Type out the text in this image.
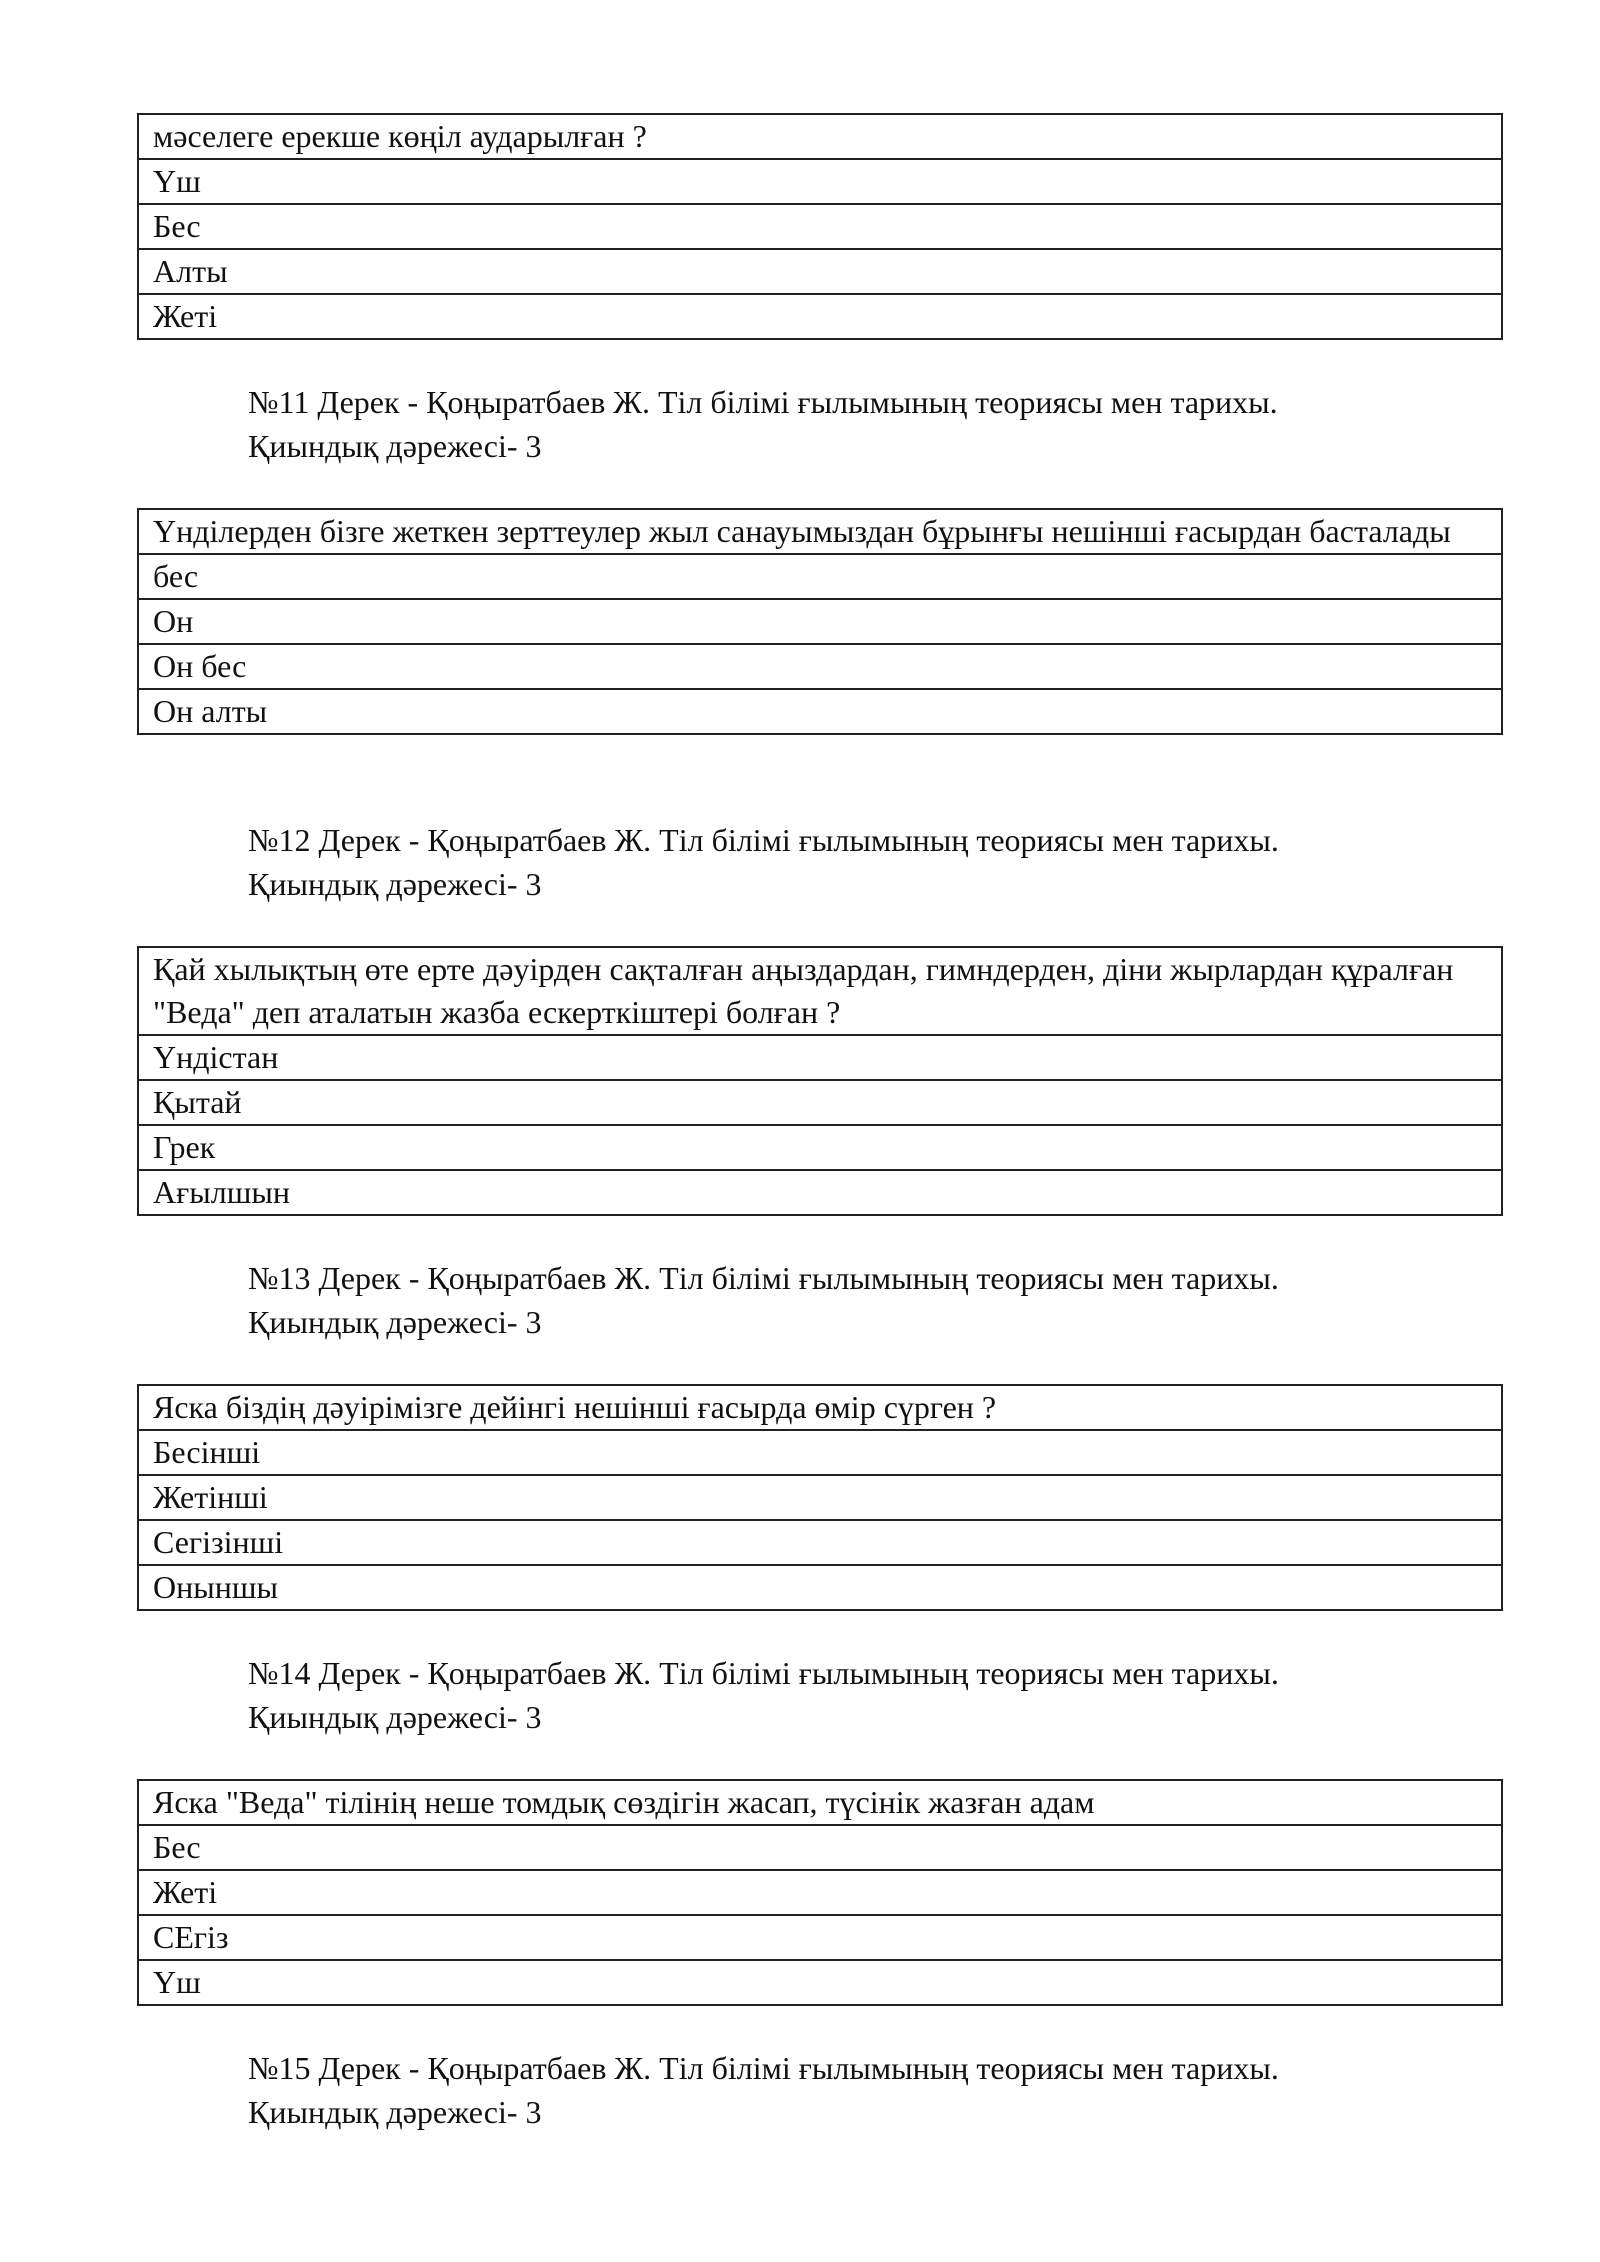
мәселеге ерекше көңіл аударылған ?
Үш
Бес
Алты
Жеті
№11 Дерек - Қоңыратбаев Ж. Тіл білімі ғылымының теориясы мен тарихы.
Қиындық дәрежесі- 3
Үнділерден бізге жеткен зерттеулер жыл санауымыздан бұрынғы нешінші ғасырдан басталады
бес
Он
Он бес
Он алты
№12 Дерек - Қоңыратбаев Ж. Тіл білімі ғылымының теориясы мен тарихы.
Қиындық дәрежесі- 3
Қай хылықтың өте ерте дәуірден сақталған аңыздардан, гимндерден, діни жырлардан құралған "Веда" деп аталатын жазба ескерткіштері болған ?
Үндістан
Қытай
Грек
Ағылшын
№13 Дерек - Қоңыратбаев Ж. Тіл білімі ғылымының теориясы мен тарихы.
Қиындық дәрежесі- 3
Яска біздің дәуірімізге дейінгі нешінші ғасырда өмір сүрген ?
Бесінші
Жетінші
Сегізінші
Оныншы
№14 Дерек - Қоңыратбаев Ж. Тіл білімі ғылымының теориясы мен тарихы.
Қиындық дәрежесі- 3
Яска "Веда" тілінің неше томдық сөздігін жасап, түсінік жазған адам
Бес
Жеті
СЕгіз
Үш
№15 Дерек - Қоңыратбаев Ж. Тіл білімі ғылымының теориясы мен тарихы.
Қиындық дәрежесі- 3
